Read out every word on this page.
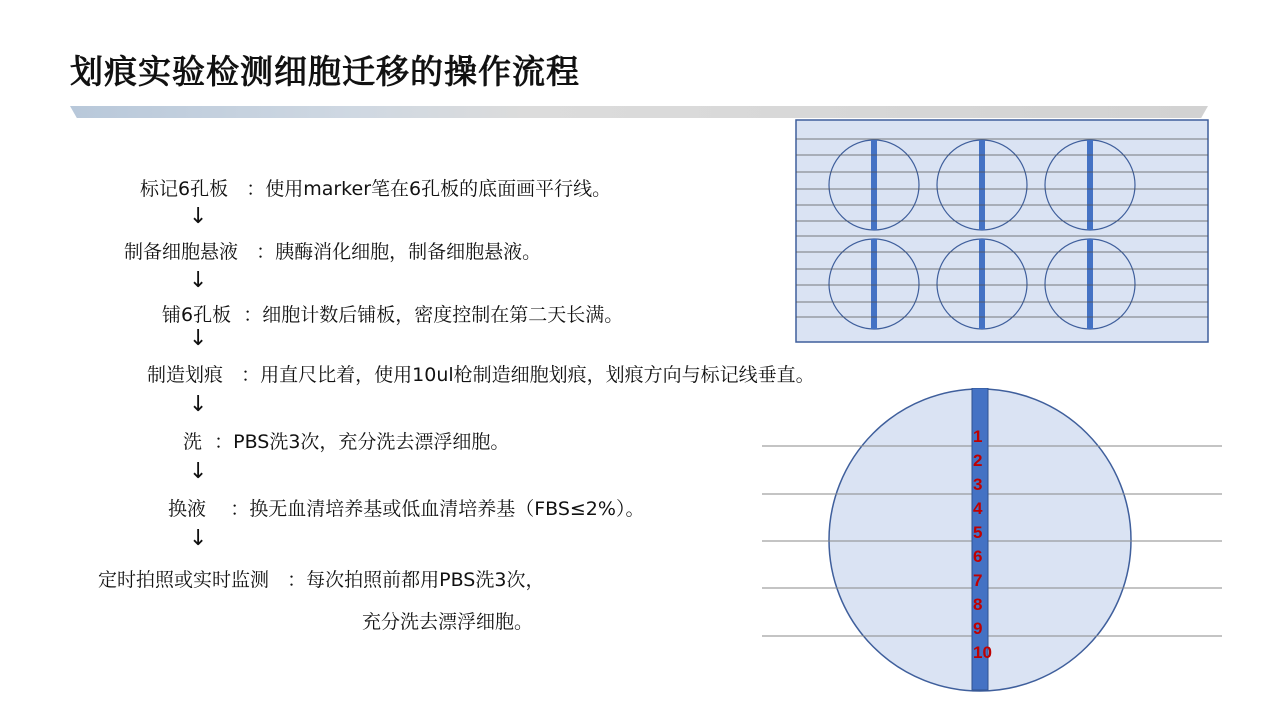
划痕实验检测细胞迁移的操作流程
标记6孔板 ：使用marker笔在6孔板的底面画平行线。
↓
制备细胞悬液 ：胰酶消化细胞，制备细胞悬液。
↓
铺6孔板 ：细胞计数后铺板，密度控制在第二天长满。
↓
制造划痕 ：用直尺比着，使用10ul枪制造细胞划痕，划痕方向与标记线垂直。
↓
洗 ：PBS洗3次，充分洗去漂浮细胞。
↓
换液 ：换无血清培养基或低血清培养基（FBS≤2%）。
↓
定时拍照或实时监测 ：每次拍照前都用PBS洗3次，
充分洗去漂浮细胞。
1
2
3
4
5
6
7
8
9
10
